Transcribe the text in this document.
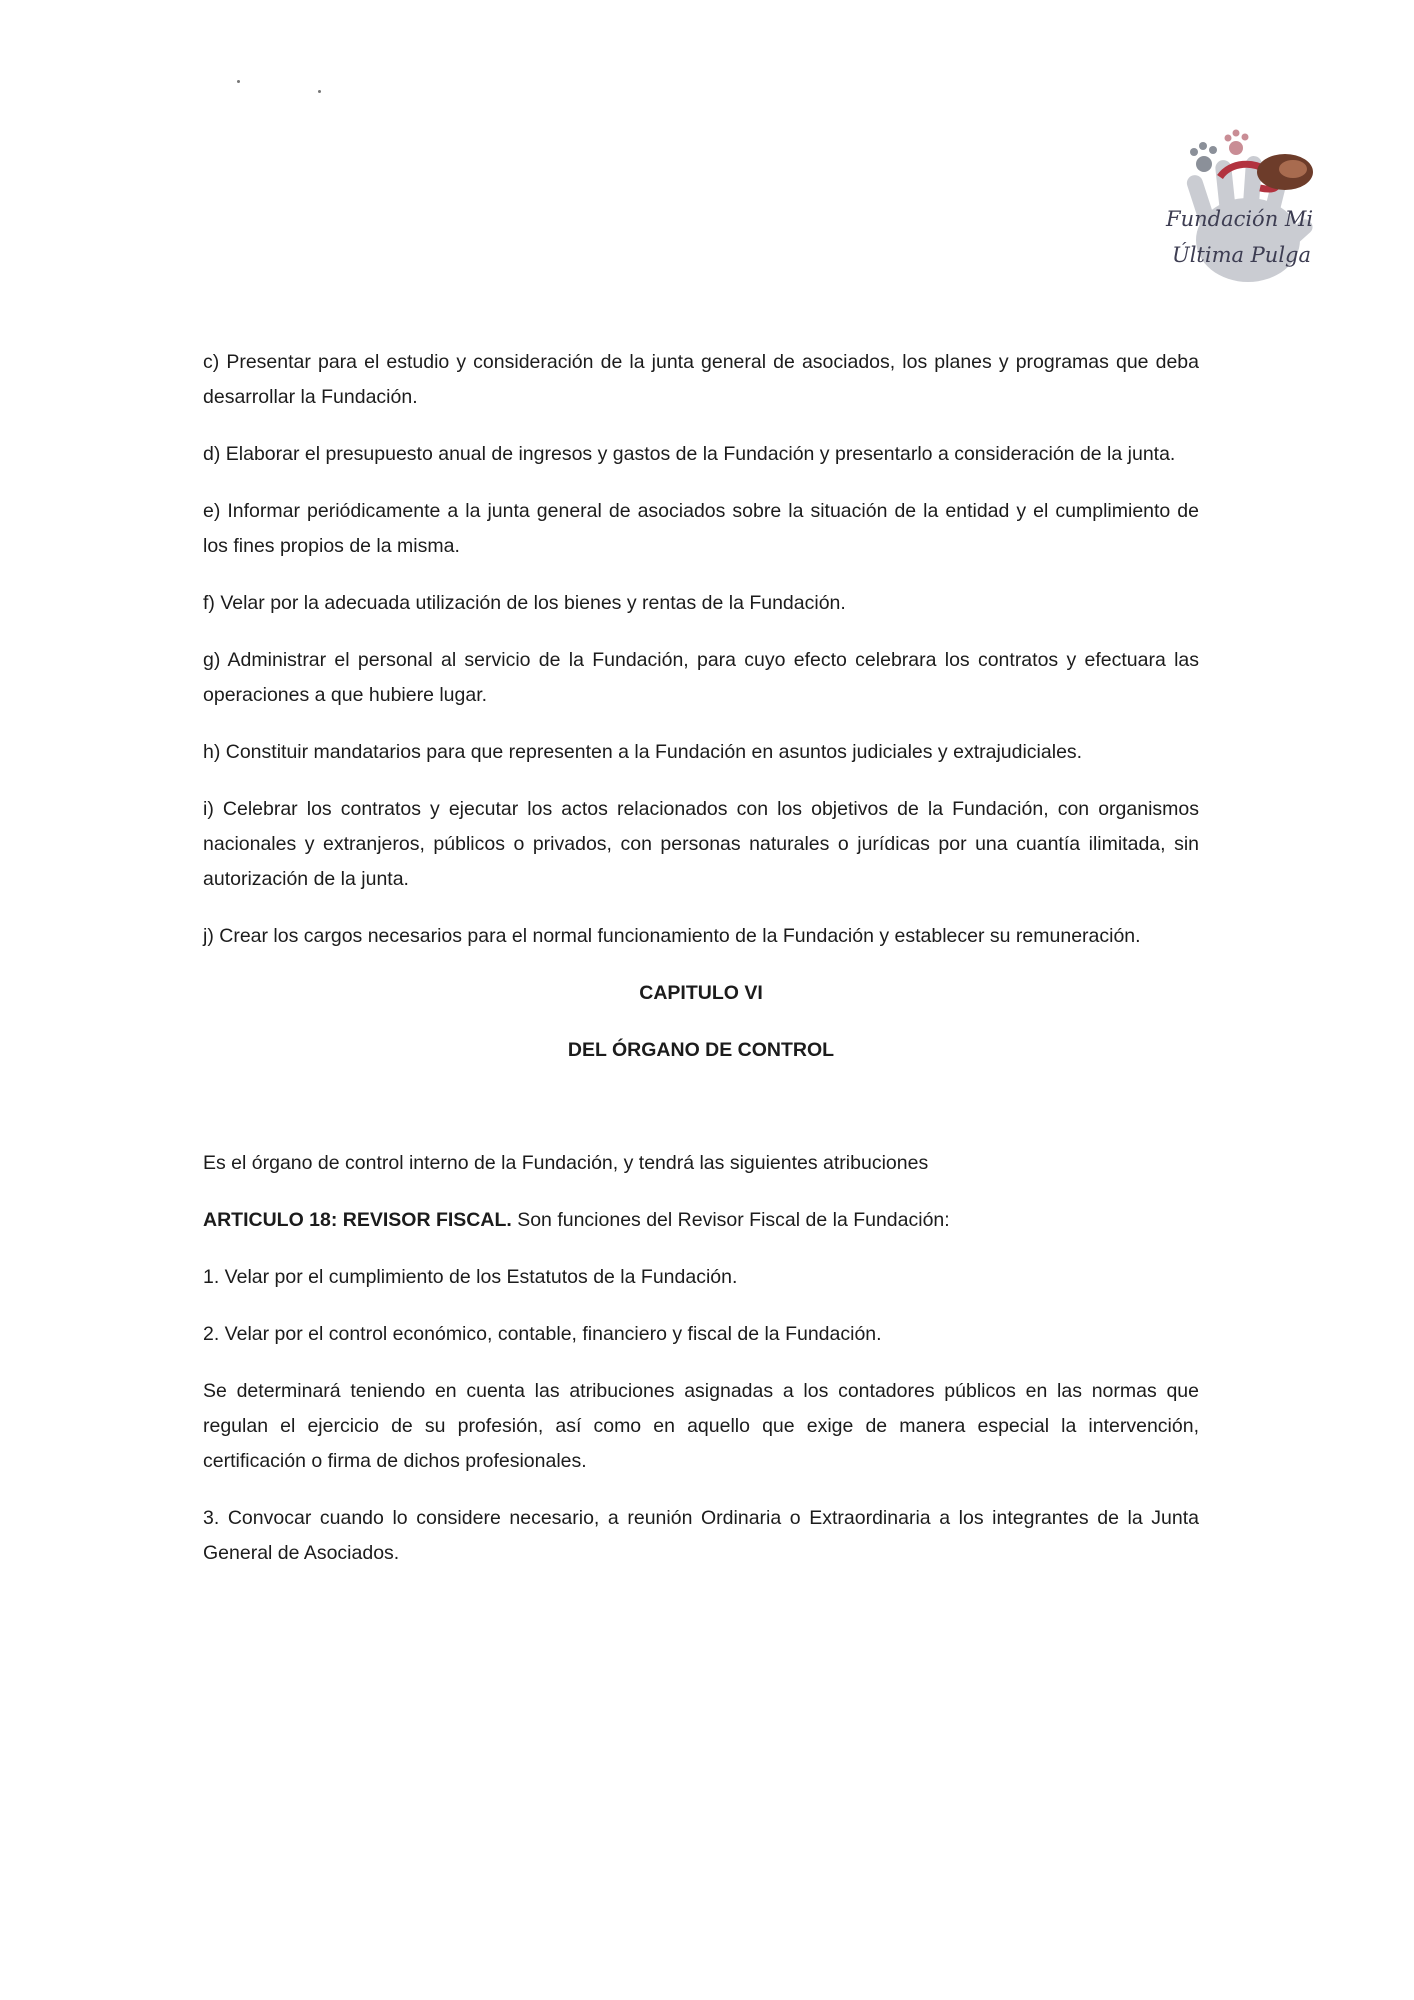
Fundación Mi
Última Pulga

c) Presentar para el estudio y consideración de la junta general de asociados, los planes y programas que deba desarrollar la Fundación.

d) Elaborar el presupuesto anual de ingresos y gastos de la Fundación y presentarlo a consideración de la junta.

e) Informar periódicamente a la junta general de asociados sobre la situación de la entidad y el cumplimiento de los fines propios de la misma.

f) Velar por la adecuada utilización de los bienes y rentas de la Fundación.

g) Administrar el personal al servicio de la Fundación, para cuyo efecto celebrara los contratos y efectuara las operaciones a que hubiere lugar.

h) Constituir mandatarios para que representen a la Fundación en asuntos judiciales y extrajudiciales.

i) Celebrar los contratos y ejecutar los actos relacionados con los objetivos de la Fundación, con organismos nacionales y extranjeros, públicos o privados, con personas naturales o jurídicas por una cuantía ilimitada, sin autorización de la junta.

j) Crear los cargos necesarios para el normal funcionamiento de la Fundación y establecer su remuneración.

CAPITULO VI

DEL ÓRGANO DE CONTROL

Es el órgano de control interno de la Fundación, y tendrá las siguientes atribuciones

ARTICULO 18: REVISOR FISCAL. Son funciones del Revisor Fiscal de la Fundación:

1. Velar por el cumplimiento de los Estatutos de la Fundación.

2. Velar por el control económico, contable, financiero y fiscal de la Fundación.

Se determinará teniendo en cuenta las atribuciones asignadas a los contadores públicos en las normas que regulan el ejercicio de su profesión, así como en aquello que exige de manera especial la intervención, certificación o firma de dichos profesionales.

3. Convocar cuando lo considere necesario, a reunión Ordinaria o Extraordinaria a los integrantes de la Junta General de Asociados.
